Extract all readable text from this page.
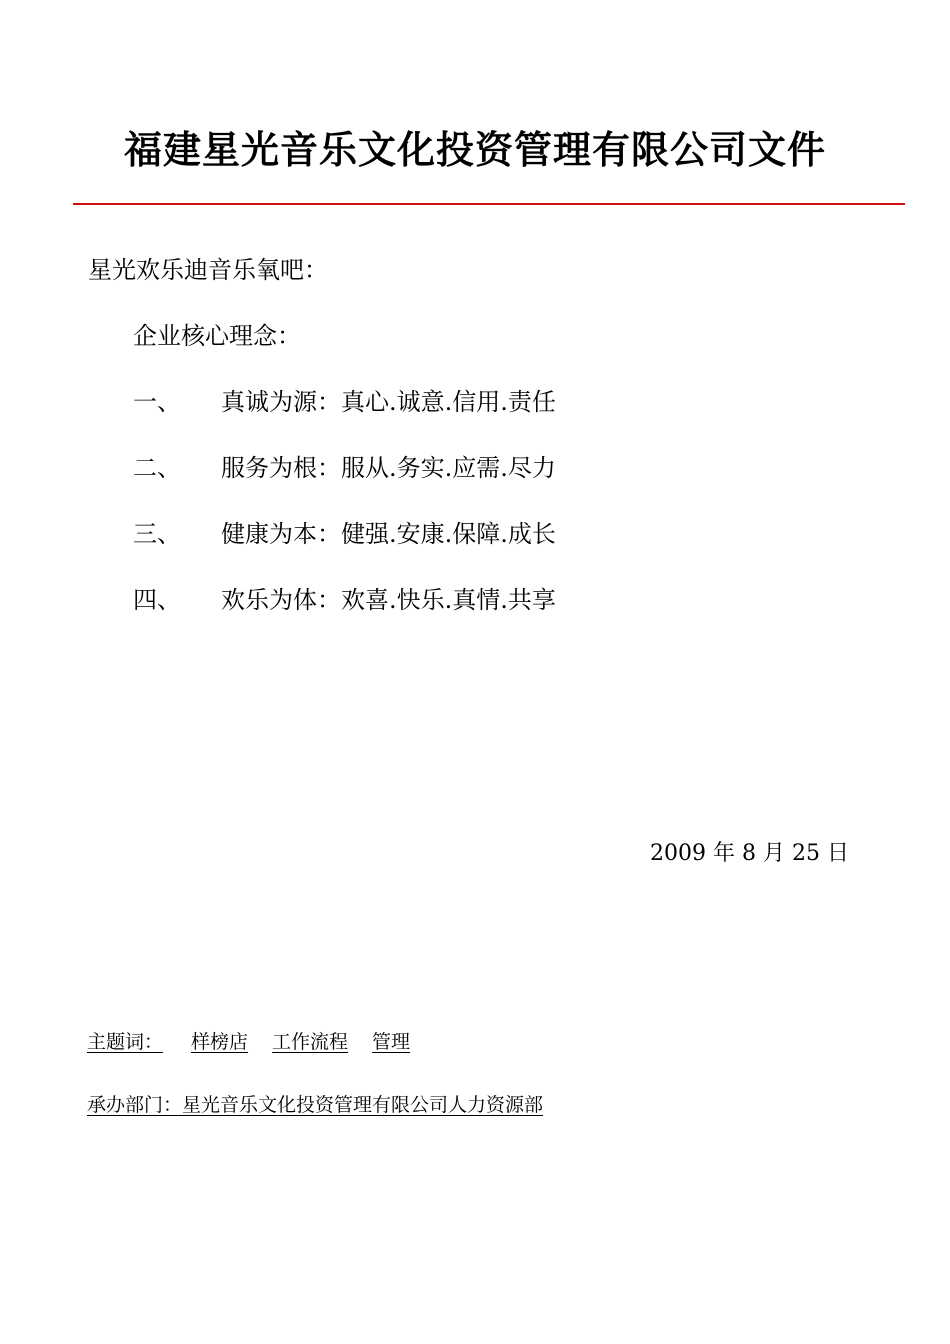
福建星光音乐文化投资管理有限公司文件
星光欢乐迪音乐氧吧：
企业核心理念：
一、 真诚为源：真心.诚意.信用.责任
二、 服务为根：服从.务实.应需.尽力
三、 健康为本：健强.安康.保障.成长
四、 欢乐为体：欢喜.快乐.真情.共享
2009 年 8 月 25 日
主题词： 样榜店 工作流程 管理
承办部门：星光音乐文化投资管理有限公司人力资源部
